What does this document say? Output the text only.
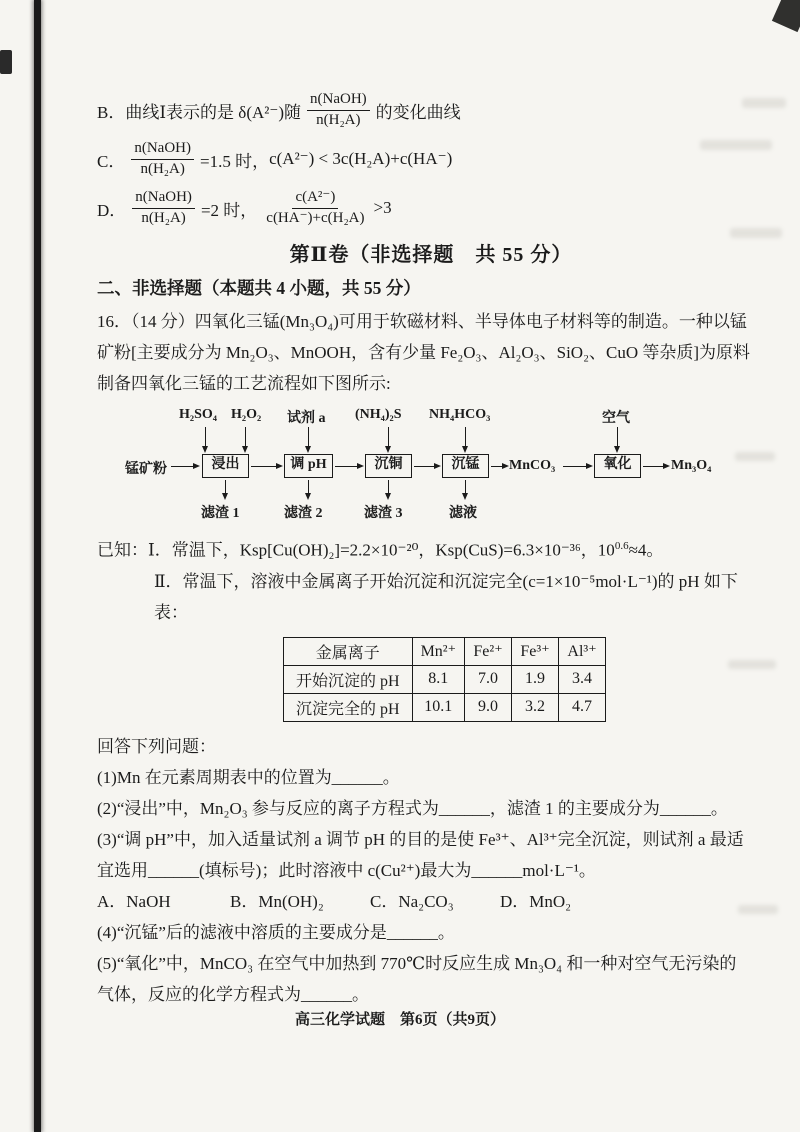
B． 曲线Ⅰ表示的是 δ(A²⁻)随 $\frac{\text{n(NaOH)}}{\text{n(H₂A)}}$ 的变化曲线
C． $\frac{\text{n(NaOH)}}{\text{n(H₂A)}} =1.5$ 时， c(A²⁻) < 3c(H₂A)+c(HA⁻)
D． $\frac{\text{n(NaOH)}}{\text{n(H₂A)}} =2$ 时， $\frac{\text{c(A²⁻)}}{\text{c(HA⁻)+c(H₂A)}} >3$
第Ⅱ卷（非选择题　共 55 分）
二、非选择题（本题共 4 小题，共 55 分）
16．（14 分）四氧化三锰(Mn₃O₄)可用于软磁材料、半导体电子材料等的制造。一种以锰
矿粉[主要成分为 Mn₂O₃、MnOOH，含有少量 Fe₂O₃、Al₂O₃、SiO₂、CuO 等杂质]为原料
制备四氧化三锰的工艺流程如下图所示:
H₂SO₄ H₂O₂ 试剂 a (NH₄)₂S NH₄HCO₃	空气
锰矿粉	浸出	调 pH	沉铜	沉锰	MnCO₃	氧化	Mn₃O₄
滤渣 1	滤渣 2	滤渣 3	滤液
已知：Ⅰ．常温下，Ksp[Cu(OH)₂]=2.2×10⁻²⁰，Ksp(CuS)=6.3×10⁻³⁶，$10^{0.6}\approx 4$。
Ⅱ．常温下，溶液中金属离子开始沉淀和沉淀完全(c=1×10⁻⁵mol·L⁻¹)的 pH 如下表：
金属离子	Mn²⁺	Fe²⁺	Fe³⁺	Al³⁺
开始沉淀的 pH	8.1	7.0	1.9	3.4
沉淀完全的 pH	10.1	9.0	3.2	4.7
回答下列问题：
(1)Mn 在元素周期表中的位置为______。
(2)“浸出”中，Mn₂O₃ 参与反应的离子方程式为______，滤渣 1 的主要成分为______。
(3)“调 pH”中，加入适量试剂 a 调节 pH 的目的是使 Fe³⁺、Al³⁺完全沉淀，则试剂 a 最适
宜选用______(填标号)；此时溶液中 c(Cu²⁺)最大为______mol·L⁻¹。
A．NaOH	B．Mn(OH)₂	C．Na₂CO₃	D．MnO₂
(4)“沉锰”后的滤液中溶质的主要成分是______。
(5)“氧化”中，MnCO₃ 在空气中加热到 770℃时反应生成 Mn₃O₄ 和一种对空气无污染的
气体，反应的化学方程式为______。
高三化学试题　第6页（共9页）
